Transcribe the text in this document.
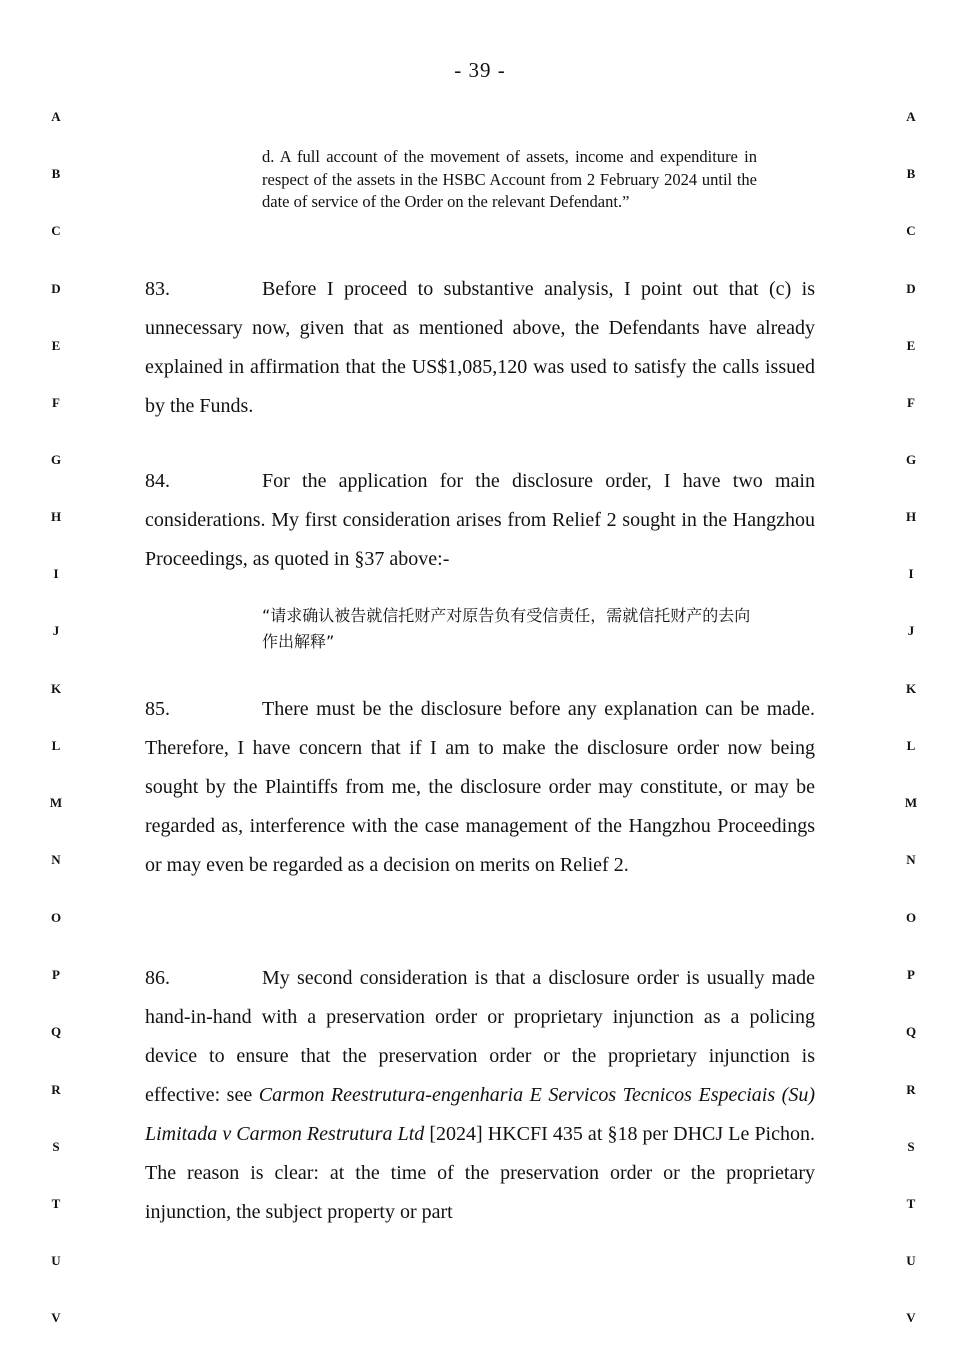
- 39 -
A
B
C
D
E
F
G
H
I
J
K
L
M
N
O
P
Q
R
S
T
U
V
A
B
C
D
E
F
G
H
I
J
K
L
M
N
O
P
Q
R
S
T
U
V
d. A full account of the movement of assets, income and expenditure in respect of the assets in the HSBC Account from 2 February 2024 until the date of service of the Order on the relevant Defendant.”
83.	Before I proceed to substantive analysis, I point out that (c) is unnecessary now, given that as mentioned above, the Defendants have already explained in affirmation that the US$1,085,120 was used to satisfy the calls issued by the Funds.
84.	For the application for the disclosure order, I have two main considerations. My first consideration arises from Relief 2 sought in the Hangzhou Proceedings, as quoted in §37 above:-
“请求确认被告就信托财产对原告负有受信责任，需就信托财产的去向作出解释”
85.	There must be the disclosure before any explanation can be made. Therefore, I have concern that if I am to make the disclosure order now being sought by the Plaintiffs from me, the disclosure order may constitute, or may be regarded as, interference with the case management of the Hangzhou Proceedings or may even be regarded as a decision on merits on Relief 2.
86.	My second consideration is that a disclosure order is usually made hand-in-hand with a preservation order or proprietary injunction as a policing device to ensure that the preservation order or the proprietary injunction is effective: see Carmon Reestrutura-engenharia E Servicos Tecnicos Especiais (Su) Limitada v Carmon Restrutura Ltd [2024] HKCFI 435 at §18 per DHCJ Le Pichon. The reason is clear: at the time of the preservation order or the proprietary injunction, the subject property or part
